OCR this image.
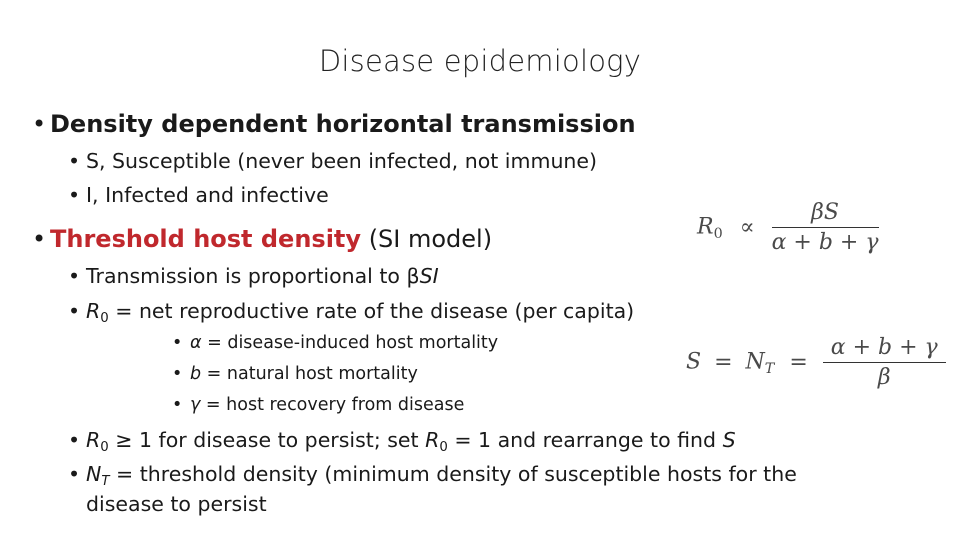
Disease epidemiology
• Density dependent horizontal transmission
• S, Susceptible (never been infected, not immune)
• I, Infected and infective
• Threshold host density (SI model)
• Transmission is proportional to βSI
• $R_0$ = net reproductive rate of the disease (per capita)
• α = disease-induced host mortality
• b = natural host mortality
• γ = host recovery from disease
• $R_0 \ge 1$ for disease to persist; set $R_0 = 1$ and rearrange to find S
• $N_T$ = threshold density (minimum density of susceptible hosts for the
disease to persist
$R_0 \propto \frac{\beta S}{\alpha + b + \gamma}$
$S = N_T = \frac{\alpha + b + \gamma}{\beta}$
